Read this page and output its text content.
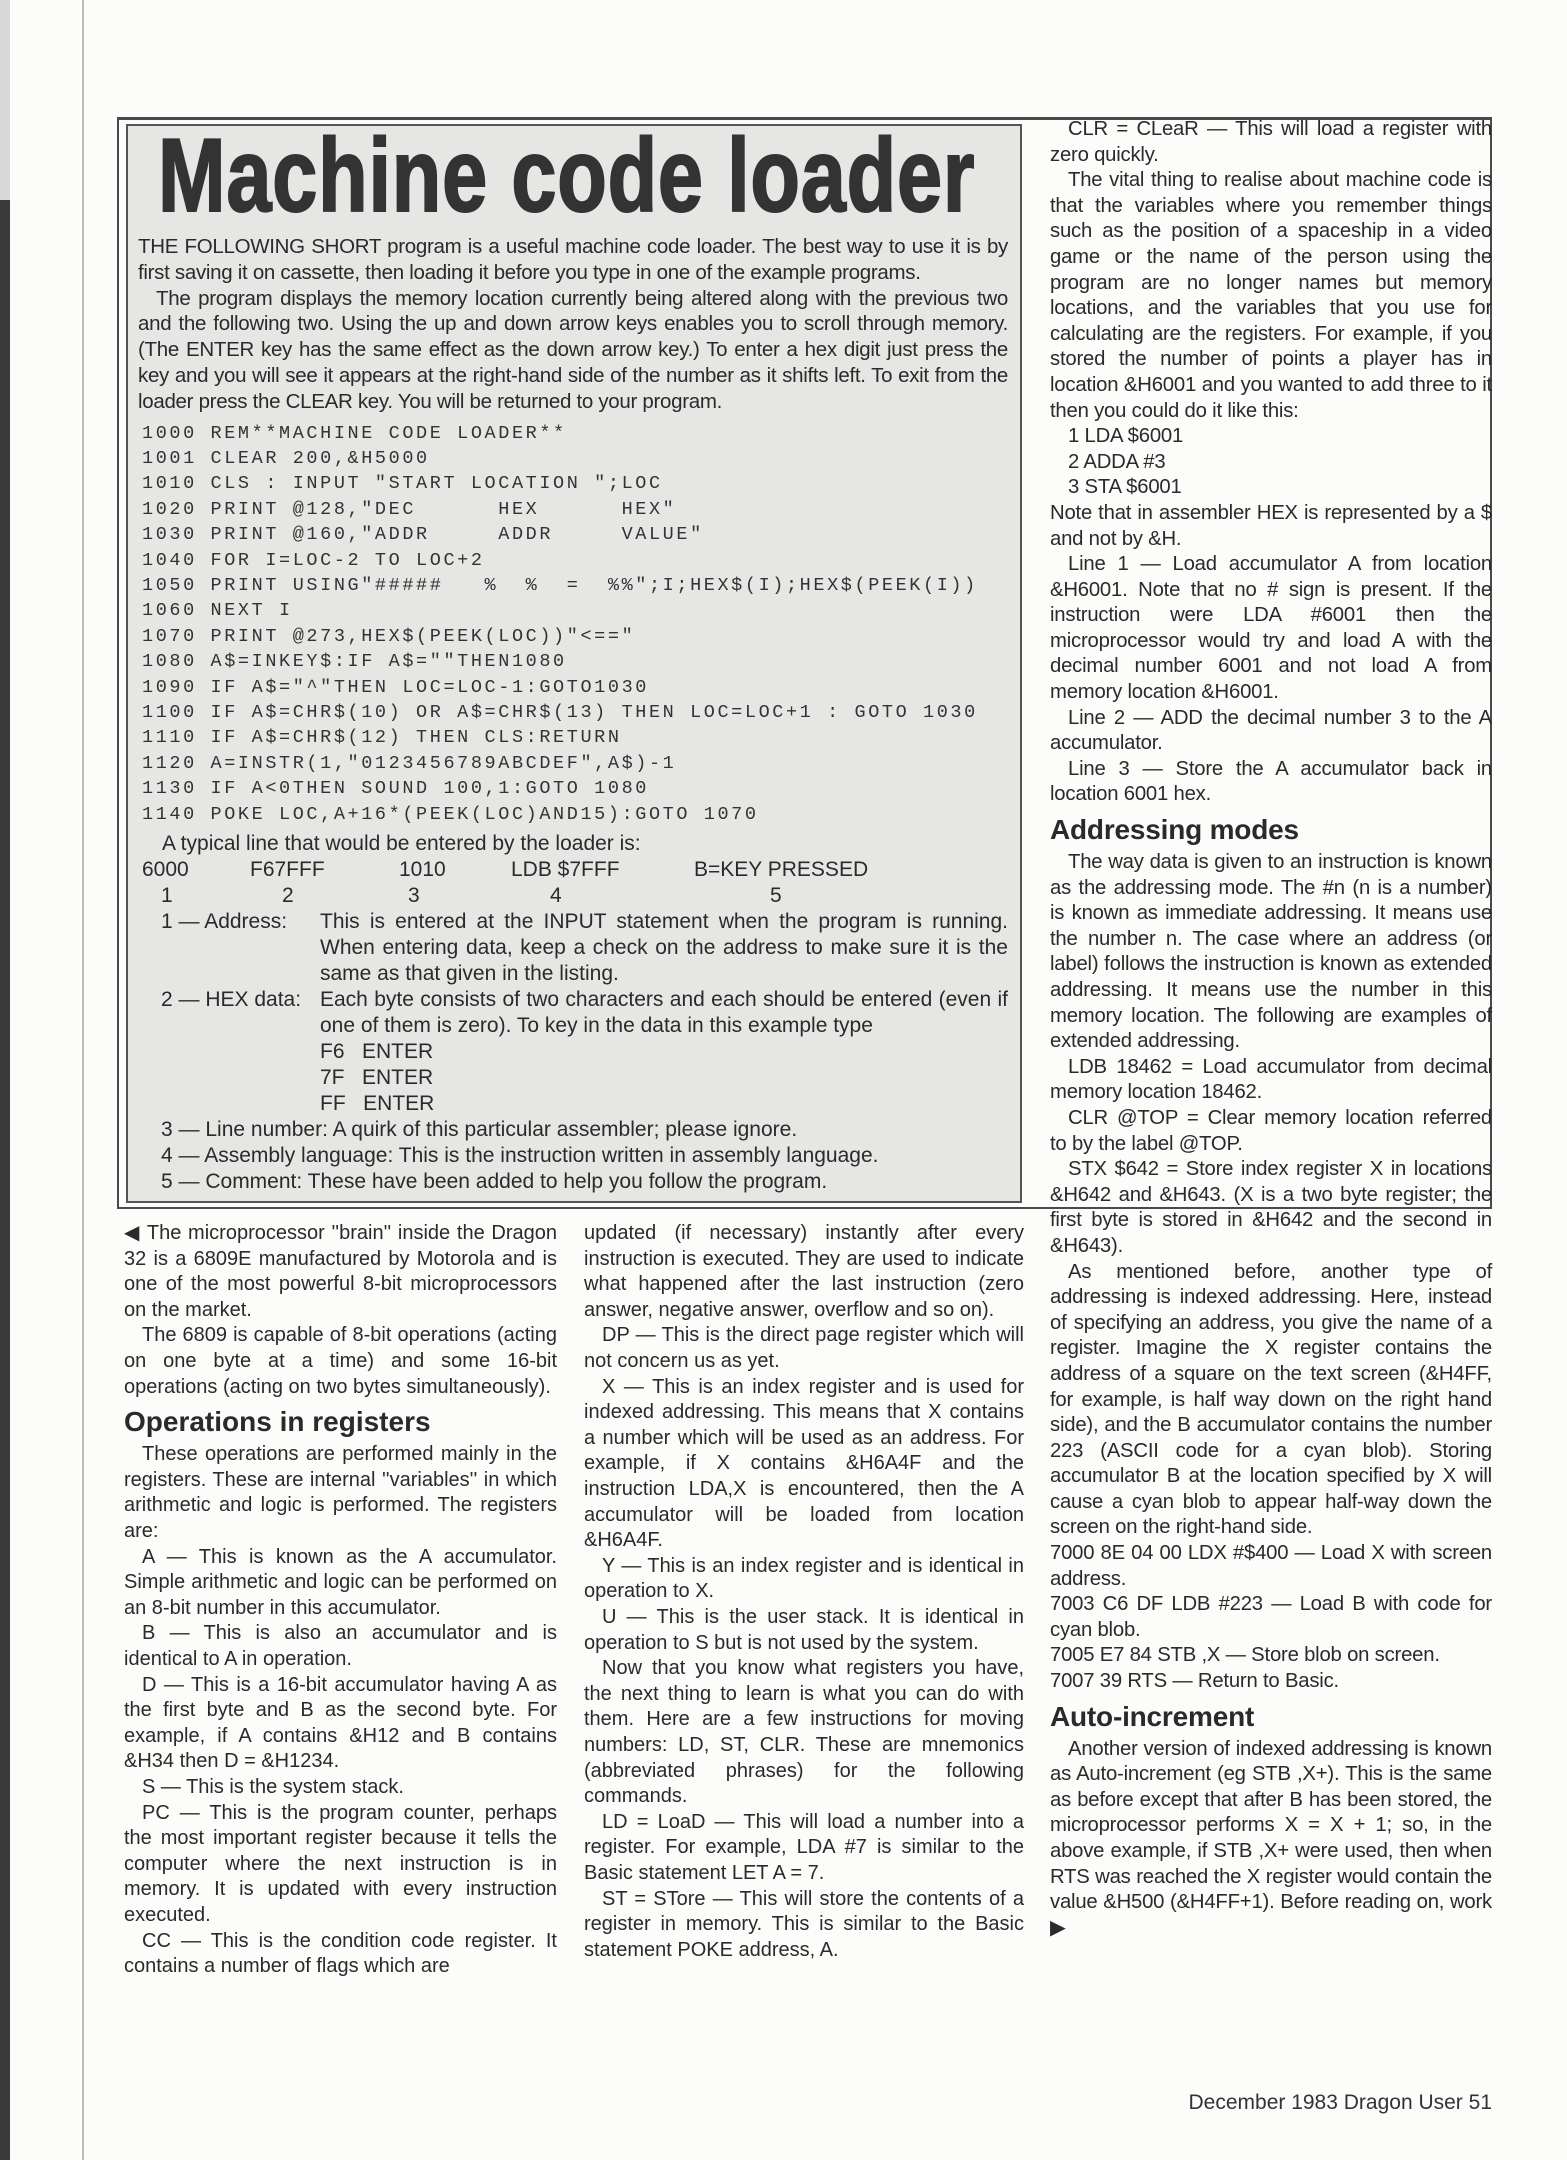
Machine code loader

THE FOLLOWING SHORT program is a useful machine code loader. The best way to use it is by first saving it on cassette, then loading it before you type in one of the example programs.

The program displays the memory location currently being altered along with the previous two and the following two. Using the up and down arrow keys enables you to scroll through memory. (The ENTER key has the same effect as the down arrow key.) To enter a hex digit just press the key and you will see it appears at the right-hand side of the number as it shifts left. To exit from the loader press the CLEAR key. You will be returned to your program.

1000 REM**MACHINE CODE LOADER**
1001 CLEAR 200,&H5000
1010 CLS : INPUT "START LOCATION ";LOC
1020 PRINT @128,"DEC      HEX      HEX"
1030 PRINT @160,"ADDR     ADDR     VALUE"
1040 FOR I=LOC-2 TO LOC+2
1050 PRINT USING"#####   %  %  =  %%";I;HEX$(I);HEX$(PEEK(I))
1060 NEXT I
1070 PRINT @273,HEX$(PEEK(LOC))"<=="
1080 A$=INKEY$:IF A$=""THEN1080
1090 IF A$="^"THEN LOC=LOC-1:GOTO1030
1100 IF A$=CHR$(10) OR A$=CHR$(13) THEN LOC=LOC+1 : GOTO 1030
1110 IF A$=CHR$(12) THEN CLS:RETURN
1120 A=INSTR(1,"0123456789ABCDEF",A$)-1
1130 IF A<0THEN SOUND 100,1:GOTO 1080
1140 POKE LOC,A+16*(PEEK(LOC)AND15):GOTO 1070
A typical line that would be entered by the loader is:
6000	F67FFF	1010	LDB $7FFF	B=KEY PRESSED
1	2	3	4	5
1 — Address:	This is entered at the INPUT statement when the program is running. When entering data, keep a check on the address to make sure it is the same as that given in the listing.
2 — HEX data: Each byte consists of two characters and each should be entered (even if one of them is zero). To key in the data in this example type
F6   ENTER
7F   ENTER
FF   ENTER
3 — Line number: A quirk of this particular assembler; please ignore.
4 — Assembly language: This is the instruction written in assembly language.
5 — Comment: These have been added to help you follow the program.

◀ The microprocessor ''brain'' inside the Dragon 32 is a 6809E manufactured by Motorola and is one of the most powerful 8-bit microprocessors on the market.

The 6809 is capable of 8-bit operations (acting on one byte at a time) and some 16-bit operations (acting on two bytes simultaneously).

Operations in registers

These operations are performed mainly in the registers. These are internal ''variables'' in which arithmetic and logic is performed. The registers are:

A — This is known as the A accumulator. Simple arithmetic and logic can be performed on an 8-bit number in this accumulator.

B — This is also an accumulator and is identical to A in operation.

D — This is a 16-bit accumulator having A as the first byte and B as the second byte. For example, if A contains &H12 and B contains &H34 then D = &H1234.

S — This is the system stack.

PC — This is the program counter, perhaps the most important register because it tells the computer where the next instruction is in memory. It is updated with every instruction executed.

CC — This is the condition code register. It contains a number of flags which are

updated (if necessary) instantly after every instruction is executed. They are used to indicate what happened after the last instruction (zero answer, negative answer, overflow and so on).

DP — This is the direct page register which will not concern us as yet.

X — This is an index register and is used for indexed addressing. This means that X contains a number which will be used as an address. For example, if X contains &H6A4F and the instruction LDA,X is encountered, then the A accumulator will be loaded from location &H6A4F.

Y — This is an index register and is identical in operation to X.

U — This is the user stack. It is identical in operation to S but is not used by the system.

Now that you know what registers you have, the next thing to learn is what you can do with them. Here are a few instructions for moving numbers: LD, ST, CLR. These are mnemonics (abbreviated phrases) for the following commands.

LD = LoaD — This will load a number into a register. For example, LDA #7 is similar to the Basic statement LET A = 7.

ST = STore — This will store the contents of a register in memory. This is similar to the Basic statement POKE address, A.

CLR = CLeaR — This will load a register with zero quickly.

The vital thing to realise about machine code is that the variables where you remember things such as the position of a spaceship in a video game or the name of the person using the program are no longer names but memory locations, and the variables that you use for calculating are the registers. For example, if you stored the number of points a player has in location &H6001 and you wanted to add three to it then you could do it like this:

1 LDA $6001

2 ADDA #3

3 STA $6001

Note that in assembler HEX is represented by a $ and not by &H.

Line 1 — Load accumulator A from location &H6001. Note that no # sign is present. If the instruction were LDA #6001 then the microprocessor would try and load A with the decimal number 6001 and not load A from memory location &H6001.

Line 2 — ADD the decimal number 3 to the A accumulator.

Line 3 — Store the A accumulator back in location 6001 hex.

Addressing modes

The way data is given to an instruction is known as the addressing mode. The #n (n is a number) is known as immediate addressing. It means use the number n. The case where an address (or label) follows the instruction is known as extended addressing. It means use the number in this memory location. The following are examples of extended addressing.

LDB 18462 = Load accumulator from decimal memory location 18462.

CLR @TOP = Clear memory location referred to by the label @TOP.

STX $642 = Store index register X in locations &H642 and &H643. (X is a two byte register; the first byte is stored in &H642 and the second in &H643).

As mentioned before, another type of addressing is indexed addressing. Here, instead of specifying an address, you give the name of a register. Imagine the X register contains the address of a square on the text screen (&H4FF, for example, is half way down on the right hand side), and the B accumulator contains the number 223 (ASCII code for a cyan blob). Storing accumulator B at the location specified by X will cause a cyan blob to appear half-way down the screen on the right-hand side.

7000 8E 04 00 LDX #$400 — Load X with screen address.

7003 C6 DF LDB #223 — Load B with code for cyan blob.

7005 E7 84 STB ,X — Store blob on screen.

7007 39 RTS — Return to Basic.

Auto-increment

Another version of indexed addressing is known as Auto-increment (eg STB ,X+). This is the same as before except that after B has been stored, the microprocessor performs X = X + 1; so, in the above example, if STB ,X+ were used, then when RTS was reached the X register would contain the value &H500 (&H4FF+1). Before reading on, work ▶

December 1983 Dragon User 51
